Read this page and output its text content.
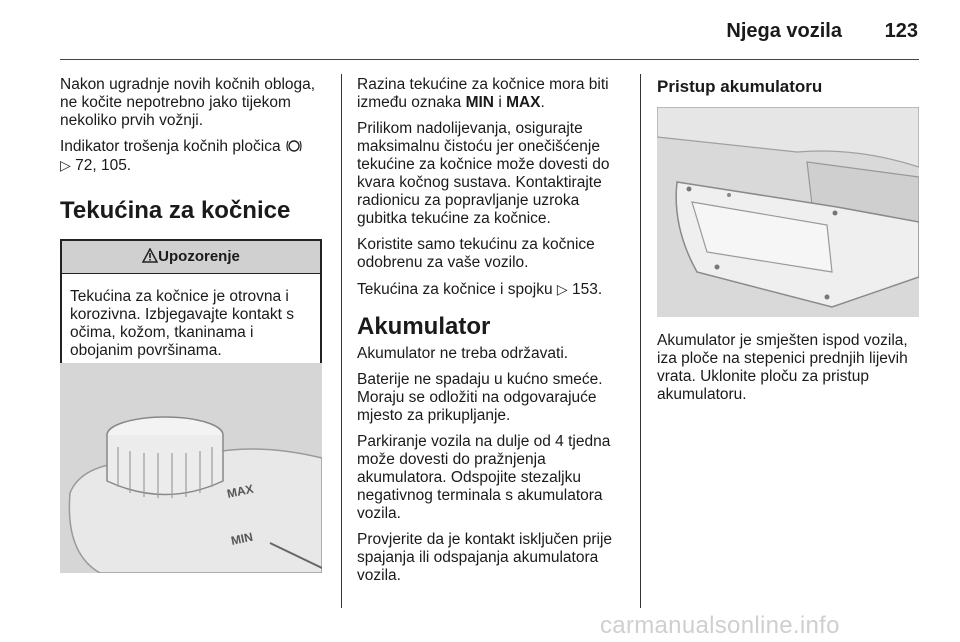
Njega vozila 123

Nakon ugradnje novih kočnih obloga, ne kočite nepotrebno jako tijekom nekoliko prvih vožnji.

Indikator trošenja kočnih pločica

▷ 72, 105.

Tekućina za kočnice
Upozorenje
Tekućina za kočnice je otrovna i korozivna. Izbjegavajte kontakt s očima, kožom, tkaninama i obojanim površinama.
MAX
MIN

Razina tekućine za kočnice mora biti između oznaka MIN i MAX.

Prilikom nadolijevanja, osigurajte maksimalnu čistoću jer onečišćenje tekućine za kočnice može dovesti do kvara kočnog sustava. Kontaktirajte radionicu za popravljanje uzroka gubitka tekućine za kočnice.

Koristite samo tekućinu za kočnice odobrenu za vaše vozilo.

Tekućina za kočnice i spojku ▷ 153.

Akumulator

Akumulator ne treba održavati.

Baterije ne spadaju u kućno smeće. Moraju se odložiti na odgovarajuće mjesto za prikupljanje.

Parkiranje vozila na dulje od 4 tjedna može dovesti do pražnjenja akumulatora. Odspojite stezaljku negativnog terminala s akumulatora vozila.

Provjerite da je kontakt isključen prije spajanja ili odspajanja akumulatora vozila.

Pristup akumulatoru

Akumulator je smješten ispod vozila, iza ploče na stepenici prednjih lijevih vrata. Uklonite ploču za pristup akumulatoru.

carmanualsonline.info
